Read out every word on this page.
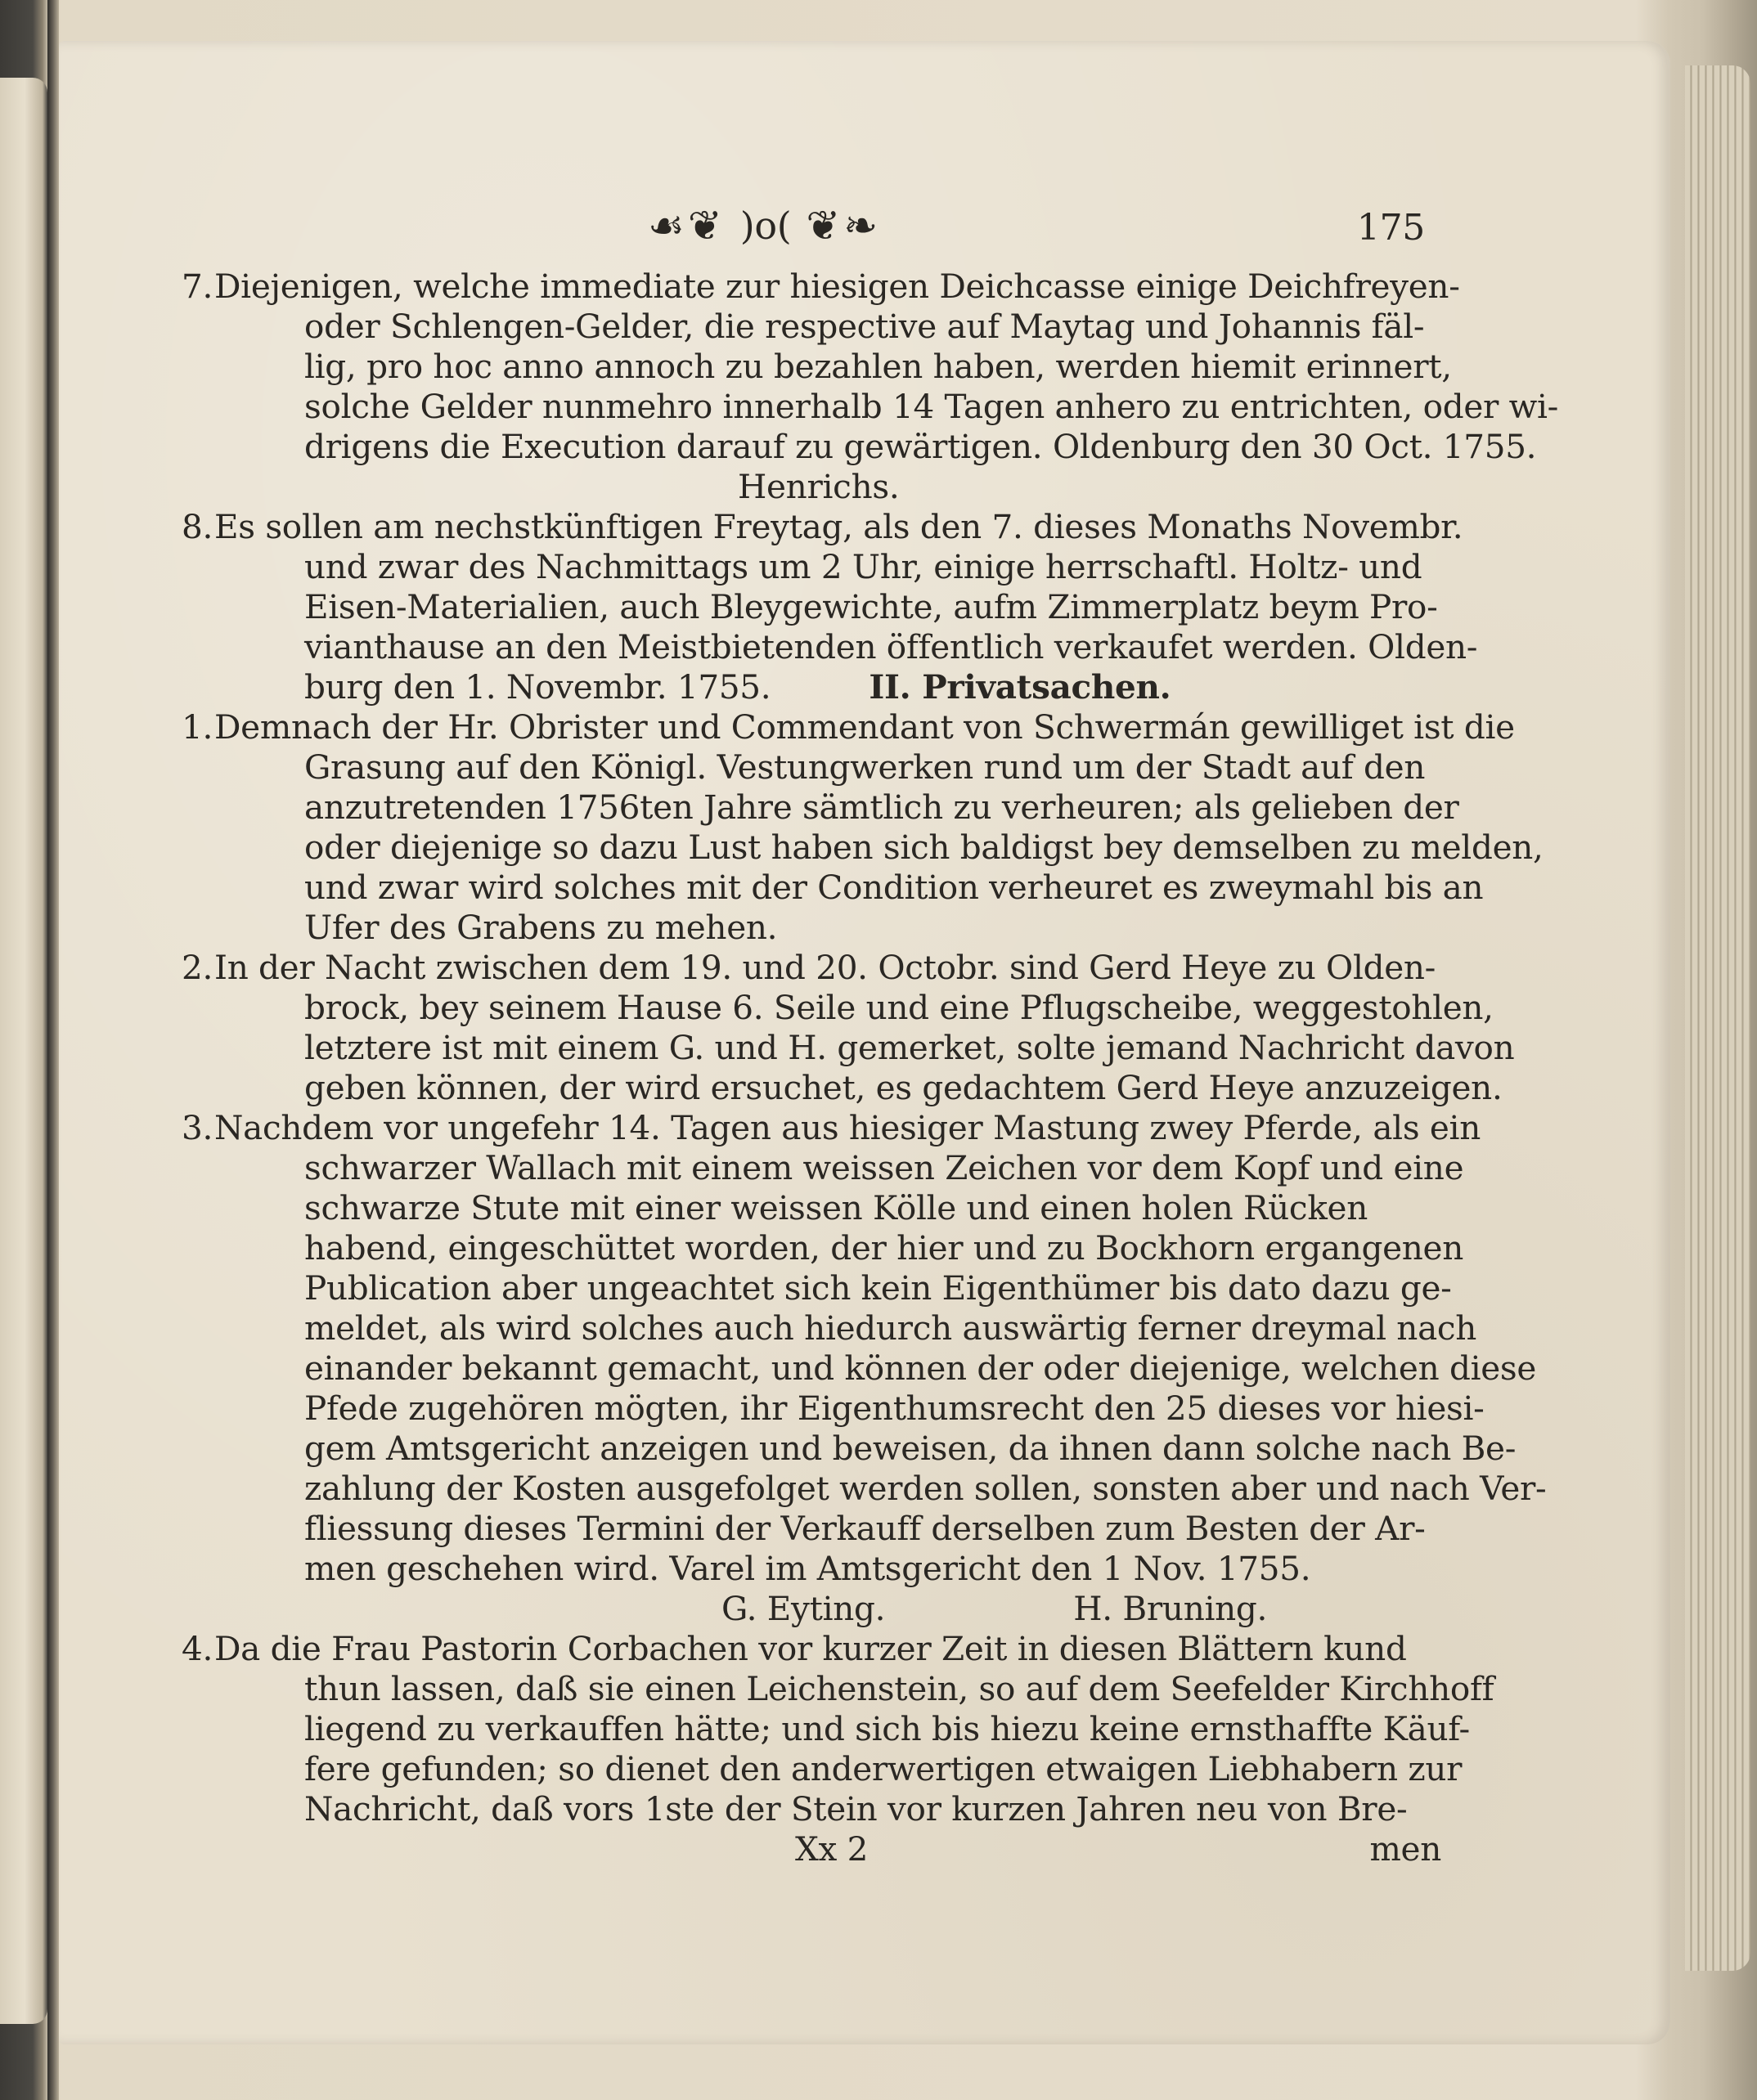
☙❦ )o( ❦❧	175
7. Diejenigen, welche immediate zur hiesigen Deichcasse einige Deichfreyen-
oder Schlengen-Gelder, die respective auf Maytag und Johannis fäl-
lig, pro hoc anno annoch zu bezahlen haben, werden hiemit erinnert,
solche Gelder nunmehro innerhalb 14 Tagen anhero zu entrichten, oder wi-
drigens die Execution darauf zu gewärtigen. Oldenburg den 30 Oct. 1755.
Henrichs.
8. Es sollen am nechstkünftigen Freytag, als den 7. dieses Monaths Novembr.
und zwar des Nachmittags um 2 Uhr, einige herrschaftl. Holtz- und
Eisen-Materialien, auch Bleygewichte, aufm Zimmerplatz beym Pro-
vianthause an den Meistbietenden öffentlich verkaufet werden. Olden-
burg den 1. Novembr. 1755.	II. Privatsachen.
1. Demnach der Hr. Obrister und Commendant von Schwermán gewilliget ist die
Grasung auf den Königl. Vestungwerken rund um der Stadt auf den
anzutretenden 1756ten Jahre sämtlich zu verheuren; als gelieben der
oder diejenige so dazu Lust haben sich baldigst bey demselben zu melden,
und zwar wird solches mit der Condition verheuret es zweymahl bis an
Ufer des Grabens zu mehen.
2. In der Nacht zwischen dem 19. und 20. Octobr. sind Gerd Heye zu Olden-
brock, bey seinem Hause 6. Seile und eine Pflugscheibe, weggestohlen,
letztere ist mit einem G. und H. gemerket, solte jemand Nachricht davon
geben können, der wird ersuchet, es gedachtem Gerd Heye anzuzeigen.
3. Nachdem vor ungefehr 14. Tagen aus hiesiger Mastung zwey Pferde, als ein
schwarzer Wallach mit einem weissen Zeichen vor dem Kopf und eine
schwarze Stute mit einer weissen Kölle und einen holen Rücken
habend, eingeschüttet worden, der hier und zu Bockhorn ergangenen
Publication aber ungeachtet sich kein Eigenthümer bis dato dazu ge-
meldet, als wird solches auch hiedurch auswärtig ferner dreymal nach
einander bekannt gemacht, und können der oder diejenige, welchen diese
Pfede zugehören mögten, ihr Eigenthumsrecht den 25 dieses vor hiesi-
gem Amtsgericht anzeigen und beweisen, da ihnen dann solche nach Be-
zahlung der Kosten ausgefolget werden sollen, sonsten aber und nach Ver-
fliessung dieses Termini der Verkauff derselben zum Besten der Ar-
men geschehen wird. Varel im Amtsgericht den 1 Nov. 1755.
G. Eyting.	H. Bruning.
4. Da die Frau Pastorin Corbachen vor kurzer Zeit in diesen Blättern kund
thun lassen, daß sie einen Leichenstein, so auf dem Seefelder Kirchhoff
liegend zu verkauffen hätte; und sich bis hiezu keine ernsthaffte Käuf-
fere gefunden; so dienet den anderwertigen etwaigen Liebhabern zur
Nachricht, daß vors 1ste der Stein vor kurzen Jahren neu von Bre-
Xx 2	men
